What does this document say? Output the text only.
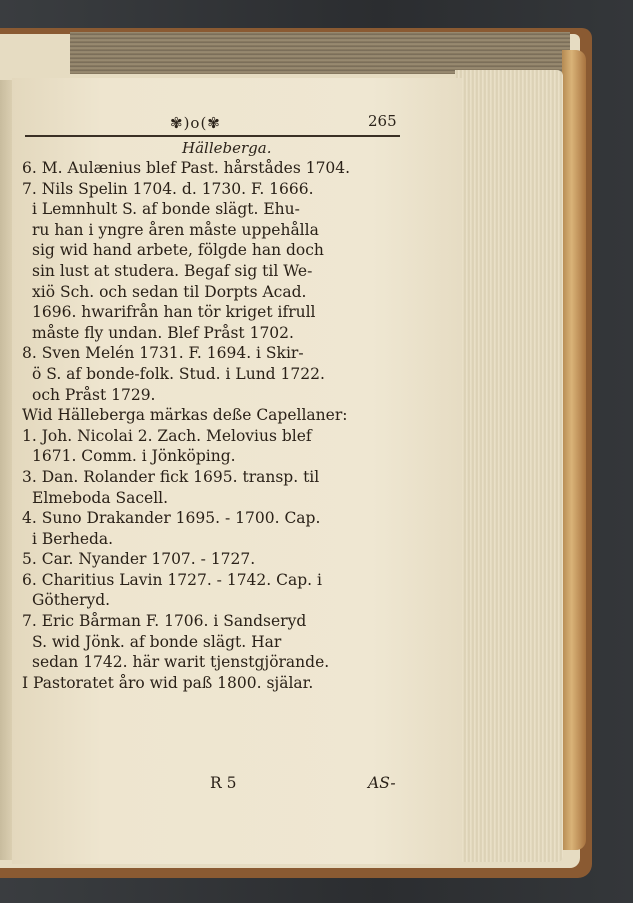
✾)o(✾	265
Hälleberga.
6. M. Aulænius blef Past. hårstådes 1704.
7. Nils Spelin 1704. d. 1730. F. 1666.
i Lemnhult S. af bonde slägt. Ehu-
ru han i yngre åren måste uppehålla
sig wid hand arbete, fölgde han doch
sin lust at studera. Begaf sig til We-
xiö Sch. och sedan til Dorpts Acad.
1696. hwarifrån han tör kriget ifrull
måste fly undan. Blef Pråst 1702.
8. Sven Melén 1731. F. 1694. i Skir-
ö S. af bonde-folk. Stud. i Lund 1722.
och Pråst 1729.
Wid Hälleberga märkas deße Capellaner:
1. Joh. Nicolai 2. Zach. Melovius blef
1671. Comm. i Jönköping.
3. Dan. Rolander fick 1695. transp. til
Elmeboda Sacell.
4. Suno Drakander 1695. - 1700. Cap.
i Berheda.
5. Car. Nyander 1707. - 1727.
6. Charitius Lavin 1727. - 1742. Cap. i
Götheryd.
7. Eric Bårman F. 1706. i Sandseryd
S. wid Jönk. af bonde slägt. Har
sedan 1742. här warit tjenstgjörande.
I Pastoratet åro wid paß 1800. själar.
R 5	AS-
